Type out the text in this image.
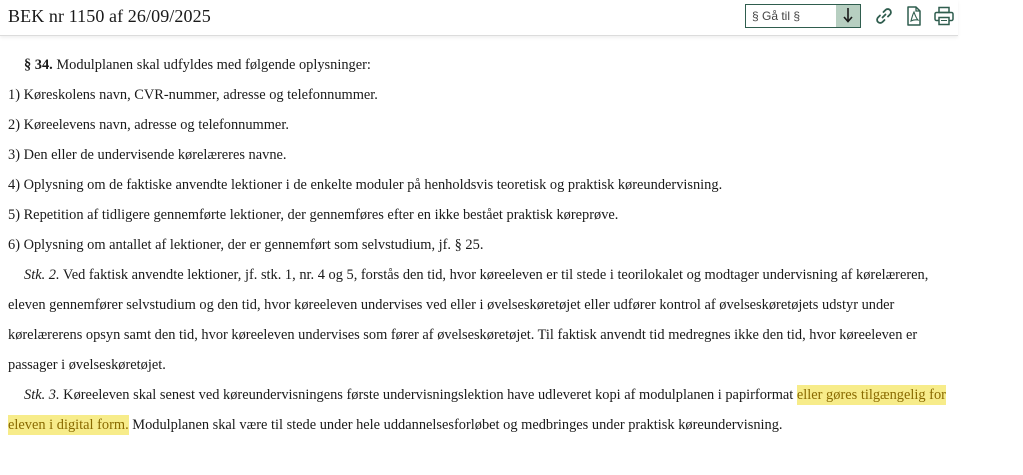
BEK nr 1150 af 26/09/2025
§ Gå til §

§ 34. Modulplanen skal udfyldes med følgende oplysninger:

1) Køreskolens navn, CVR-nummer, adresse og telefonnummer.

2) Køreelevens navn, adresse og telefonnummer.

3) Den eller de undervisende kørelæreres navne.

4) Oplysning om de faktiske anvendte lektioner i de enkelte moduler på henholdsvis teoretisk og praktisk køreundervisning.

5) Repetition af tidligere gennemførte lektioner, der gennemføres efter en ikke bestået praktisk køreprøve.

6) Oplysning om antallet af lektioner, der er gennemført som selvstudium, jf. § 25.

Stk. 2. Ved faktisk anvendte lektioner, jf. stk. 1, nr. 4 og 5, forstås den tid, hvor køreeleven er til stede i teorilokalet og modtager undervisning af kørelæreren, eleven gennemfører selvstudium og den tid, hvor køreeleven undervises ved eller i øvelseskøretøjet eller udfører kontrol af øvelseskøretøjets udstyr under kørelærerens opsyn samt den tid, hvor køreeleven undervises som fører af øvelseskøretøjet. Til faktisk anvendt tid medregnes ikke den tid, hvor køreeleven er passager i øvelseskøretøjet.

Stk. 3. Køreeleven skal senest ved køreundervisningens første undervisningslektion have udleveret kopi af modulplanen i papirformat eller gøres tilgængelig for eleven i digital form. Modulplanen skal være til stede under hele uddannelsesforløbet og medbringes under praktisk køreundervisning.
